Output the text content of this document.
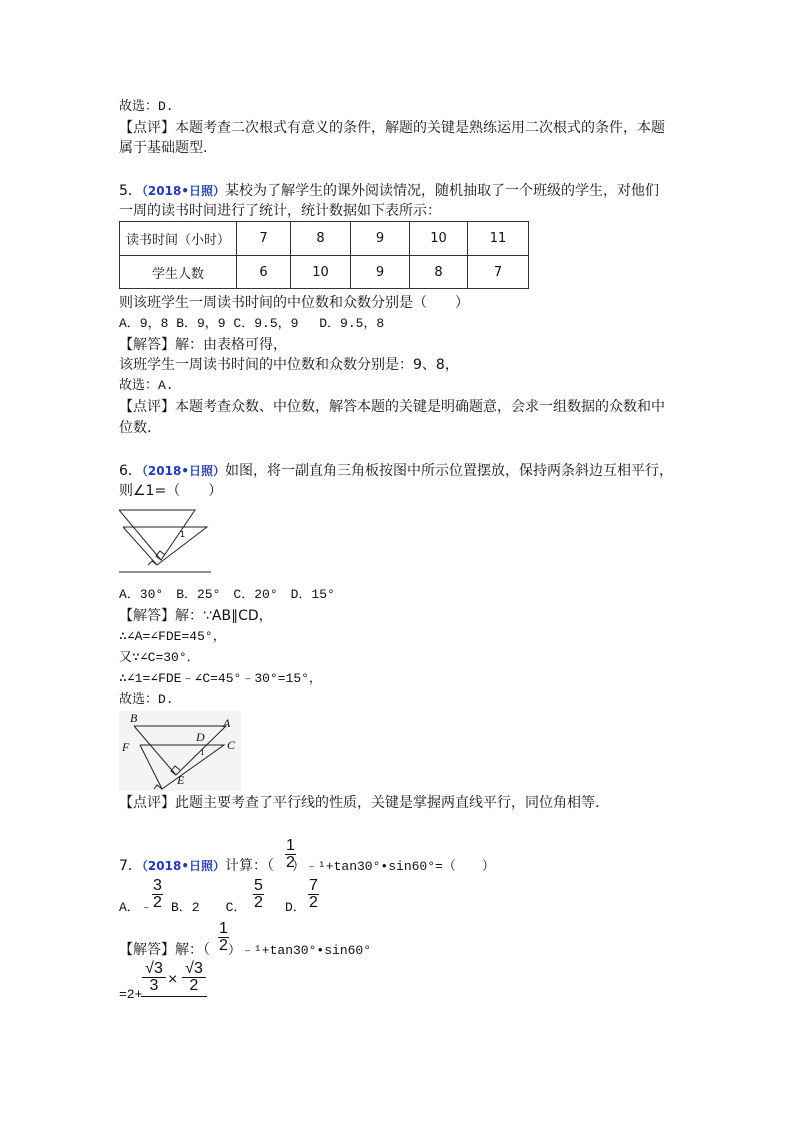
故选：D.
【点评】本题考查二次根式有意义的条件，解题的关键是熟练运用二次根式的条件，本题
属于基础题型.
5．（2018•日照）某校为了解学生的课外阅读情况，随机抽取了一个班级的学生，对他们
一周的读书时间进行了统计，统计数据如下表所示：
读书时间（小时）	7	8	9	10	11
学生人数	6	10	9	8	7
则该班学生一周读书时间的中位数和众数分别是（　　）
A．9，8 B．9，9 C．9.5，9　 D．9.5，8
【解答】解：由表格可得，
该班学生一周读书时间的中位数和众数分别是：9、8，
故选：A.
【点评】本题考查众数、中位数，解答本题的关键是明确题意，会求一组数据的众数和中
位数.
6．（2018•日照）如图，将一副直角三角板按图中所示位置摆放，保持两条斜边互相平行，
则∠1=（　　）
1
A．30°　B．25°　C．20°　D．15°
【解答】解：∵AB∥CD，
∴∠A=∠FDE=45°，
又∵∠C=30°．
∴∠1=∠FDE﹣∠C=45°﹣30°=15°，
故选：D.
B	A
F
D
C
E
1
【点评】此题主要考查了平行线的性质，关键是掌握两直线平行，同位角相等.
7．（2018•日照）计算：（ ）﹣¹+tan30°•sin60°=（　　）
$\frac{1}{2}$
A．﹣ $\frac{3}{2}$ B．2　　C． $\frac{5}{2}$ D． $\frac{7}{2}$
【解答】解：（ ）﹣¹+tan30°•sin60°
$\frac{1}{2}$
=2+
$\frac{√3}{3} \times \frac{√3}{2}$
